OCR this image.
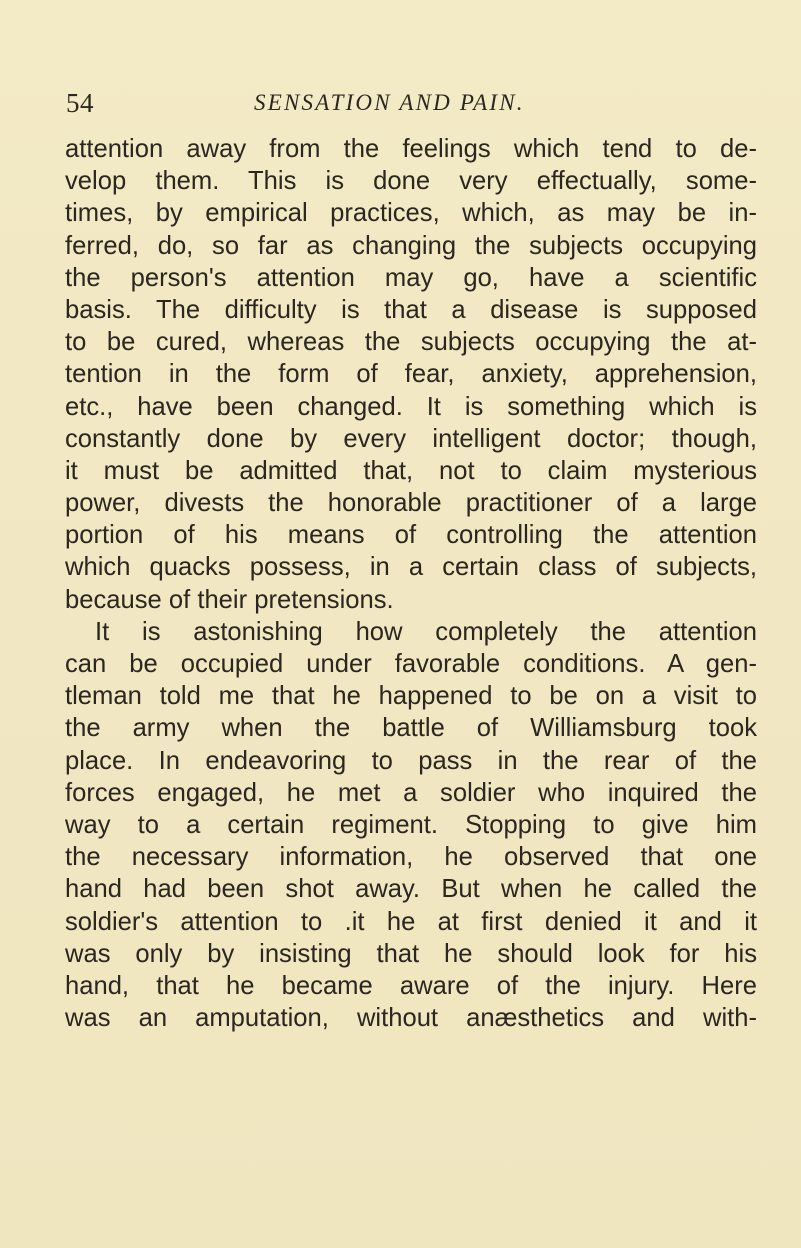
54	SENSATION AND PAIN.
attention away from the feelings which tend to de-
velop them. This is done very effectually, some-
times, by empirical practices, which, as may be in-
ferred, do, so far as changing the subjects occupying
the person's attention may go, have a scientific
basis. The difficulty is that a disease is supposed
to be cured, whereas the subjects occupying the at-
tention in the form of fear, anxiety, apprehension,
etc., have been changed. It is something which is
constantly done by every intelligent doctor; though,
it must be admitted that, not to claim mysterious
power, divests the honorable practitioner of a large
portion of his means of controlling the attention
which quacks possess, in a certain class of subjects,
because of their pretensions.
It is astonishing how completely the attention
can be occupied under favorable conditions. A gen-
tleman told me that he happened to be on a visit to
the army when the battle of Williamsburg took
place. In endeavoring to pass in the rear of the
forces engaged, he met a soldier who inquired the
way to a certain regiment. Stopping to give him
the necessary information, he observed that one
hand had been shot away. But when he called the
soldier's attention to .it he at first denied it and it
was only by insisting that he should look for his
hand, that he became aware of the injury. Here
was an amputation, without anæsthetics and with-
